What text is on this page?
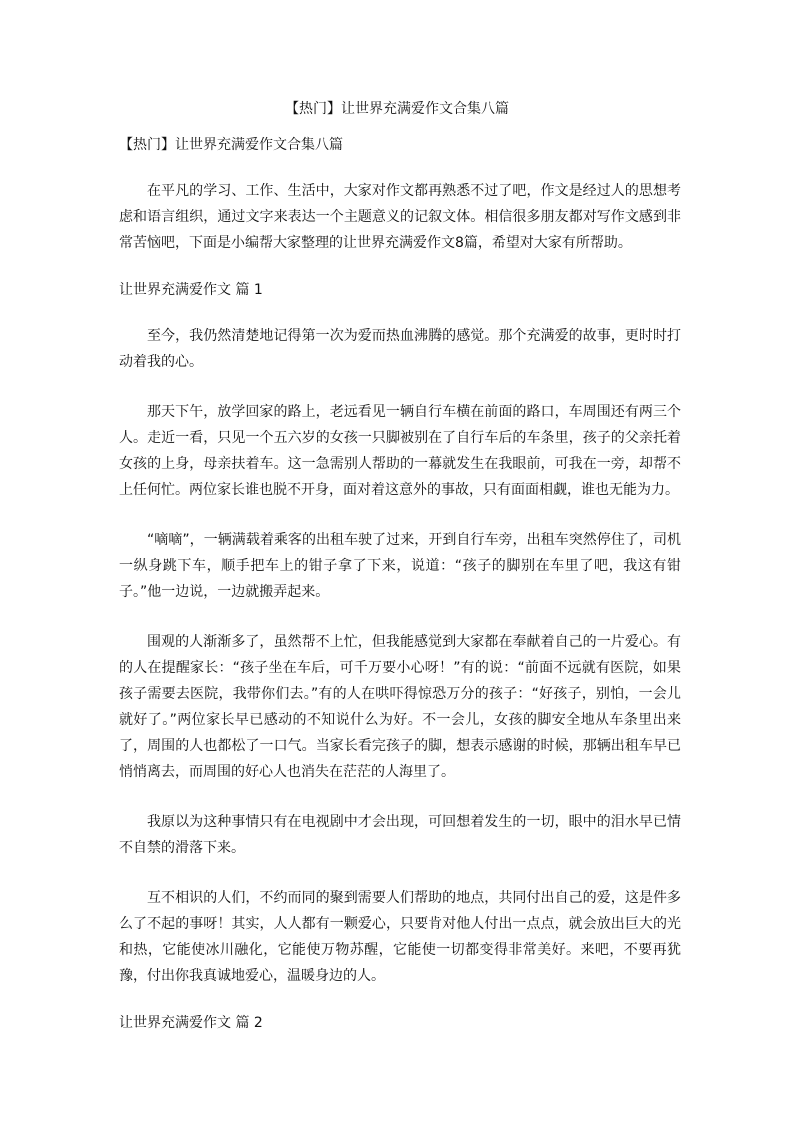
【热门】让世界充满爱作文合集八篇

【热门】让世界充满爱作文合集八篇

在平凡的学习、工作、生活中，大家对作文都再熟悉不过了吧，作文是经过人的思想考虑和语言组织，通过文字来表达一个主题意义的记叙文体。相信很多朋友都对写作文感到非常苦恼吧，下面是小编帮大家整理的让世界充满爱作文8篇，希望对大家有所帮助。

让世界充满爱作文 篇 1

至今，我仍然清楚地记得第一次为爱而热血沸腾的感觉。那个充满爱的故事，更时时打动着我的心。

那天下午，放学回家的路上，老远看见一辆自行车横在前面的路口，车周围还有两三个人。走近一看，只见一个五六岁的女孩一只脚被别在了自行车后的车条里，孩子的父亲托着女孩的上身，母亲扶着车。这一急需别人帮助的一幕就发生在我眼前，可我在一旁，却帮不上任何忙。两位家长谁也脱不开身，面对着这意外的事故，只有面面相觑，谁也无能为力。

“嘀嘀”，一辆满载着乘客的出租车驶了过来，开到自行车旁，出租车突然停住了，司机一纵身跳下车，顺手把车上的钳子拿了下来，说道：“孩子的脚别在车里了吧，我这有钳子。”他一边说，一边就搬弄起来。

围观的人渐渐多了，虽然帮不上忙，但我能感觉到大家都在奉献着自己的一片爱心。有的人在提醒家长：“孩子坐在车后，可千万要小心呀！”有的说：“前面不远就有医院，如果孩子需要去医院，我带你们去。”有的人在哄吓得惊恐万分的孩子：“好孩子，别怕，一会儿就好了。”两位家长早已感动的不知说什么为好。不一会儿，女孩的脚安全地从车条里出来了，周围的人也都松了一口气。当家长看完孩子的脚，想表示感谢的时候，那辆出租车早已悄悄离去，而周围的好心人也消失在茫茫的人海里了。

我原以为这种事情只有在电视剧中才会出现，可回想着发生的一切，眼中的泪水早已情不自禁的滑落下来。

互不相识的人们，不约而同的聚到需要人们帮助的地点，共同付出自己的爱，这是件多么了不起的事呀！其实，人人都有一颗爱心，只要肯对他人付出一点点，就会放出巨大的光和热，它能使冰川融化，它能使万物苏醒，它能使一切都变得非常美好。来吧，不要再犹豫，付出你我真诚地爱心，温暖身边的人。

让世界充满爱作文 篇 2
